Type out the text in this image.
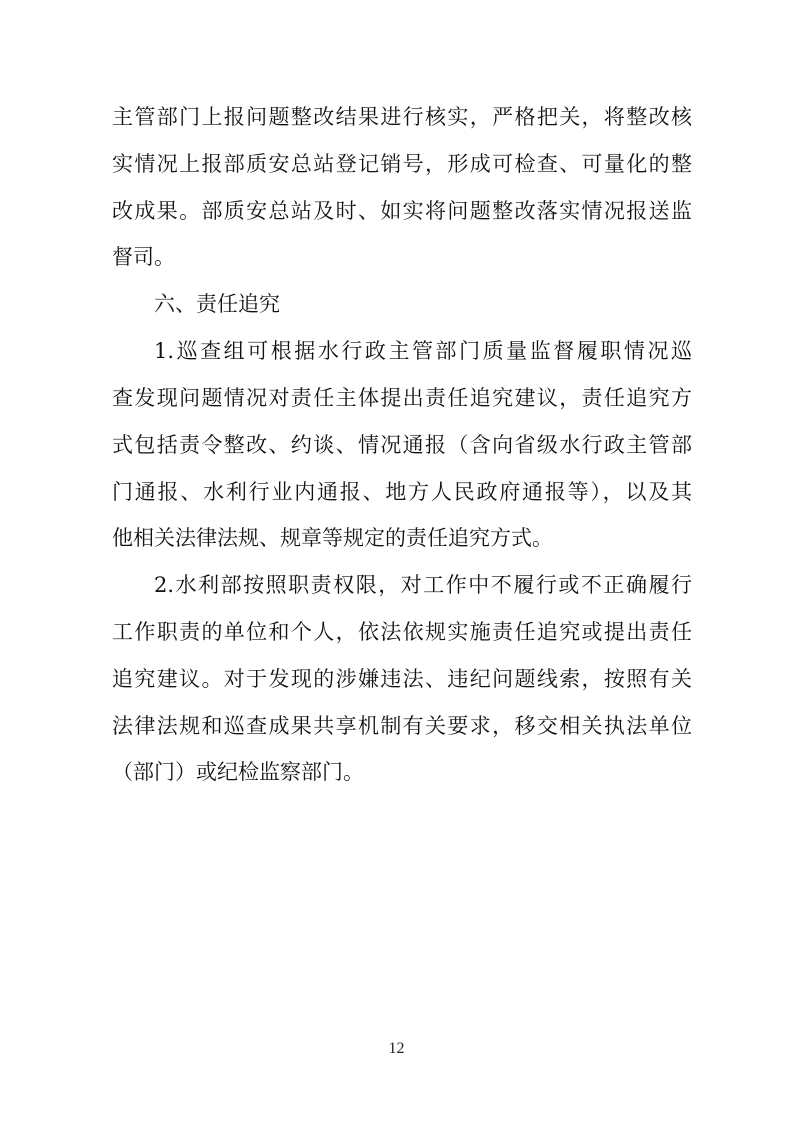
主管部门上报问题整改结果进行核实，严格把关，将整改核
实情况上报部质安总站登记销号，形成可检查、可量化的整
改成果。部质安总站及时、如实将问题整改落实情况报送监
督司。
六、责任追究
1.巡查组可根据水行政主管部门质量监督履职情况巡
查发现问题情况对责任主体提出责任追究建议，责任追究方
式包括责令整改、约谈、情况通报（含向省级水行政主管部
门通报、水利行业内通报、地方人民政府通报等），以及其
他相关法律法规、规章等规定的责任追究方式。
2.水利部按照职责权限，对工作中不履行或不正确履行
工作职责的单位和个人，依法依规实施责任追究或提出责任
追究建议。对于发现的涉嫌违法、违纪问题线索，按照有关
法律法规和巡查成果共享机制有关要求，移交相关执法单位
（部门）或纪检监察部门。
12
